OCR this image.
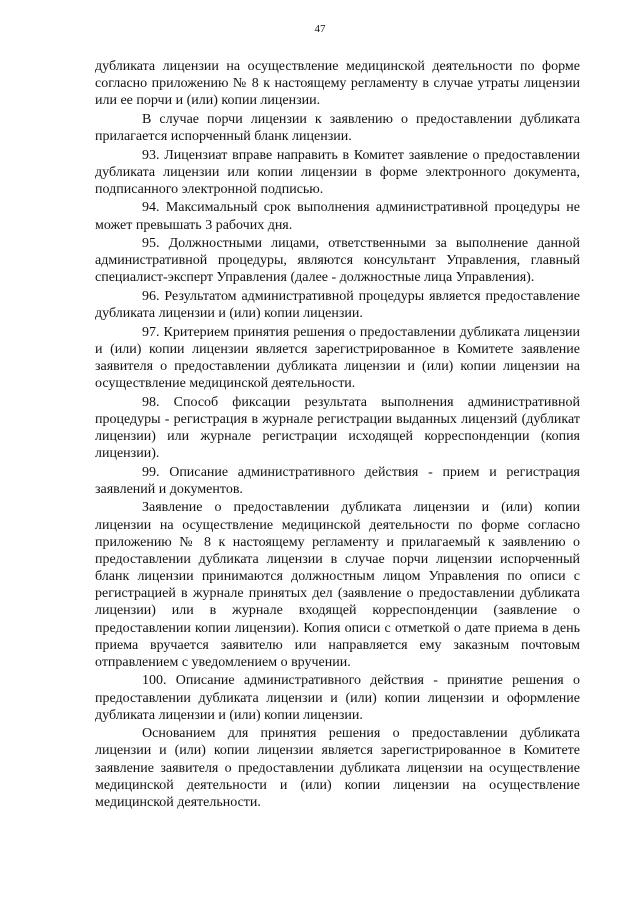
47

дубликата лицензии на осуществление медицинской деятельности по форме согласно приложению № 8 к настоящему регламенту в случае утраты лицензии или ее порчи и (или) копии лицензии.

В случае порчи лицензии к заявлению о предоставлении дубликата прилагается испорченный бланк лицензии.

93. Лицензиат вправе направить в Комитет заявление о предоставлении дубликата лицензии или копии лицензии в форме электронного документа, подписанного электронной подписью.

94. Максимальный срок выполнения административной процедуры не может превышать 3 рабочих дня.

95. Должностными лицами, ответственными за выполнение данной административной процедуры, являются консультант Управления, главный специалист-эксперт Управления (далее - должностные лица Управления).

96. Результатом административной процедуры является предоставление дубликата лицензии и (или) копии лицензии.

97. Критерием принятия решения о предоставлении дубликата лицензии и (или) копии лицензии является зарегистрированное в Комитете заявление заявителя о предоставлении дубликата лицензии и (или) копии лицензии на осуществление медицинской деятельности.

98. Способ фиксации результата выполнения административной процедуры - регистрация в журнале регистрации выданных лицензий (дубликат лицензии) или журнале регистрации исходящей корреспонденции (копия лицензии).

99. Описание административного действия - прием и регистрация заявлений и документов.

Заявление о предоставлении дубликата лицензии и (или) копии лицензии на осуществление медицинской деятельности по форме согласно приложению № 8 к настоящему регламенту и прилагаемый к заявлению о предоставлении дубликата лицензии в случае порчи лицензии испорченный бланк лицензии принимаются должностным лицом Управления по описи с регистрацией в журнале принятых дел (заявление о предоставлении дубликата лицензии) или в журнале входящей корреспонденции (заявление о предоставлении копии лицензии). Копия описи с отметкой о дате приема в день приема вручается заявителю или направляется ему заказным почтовым отправлением с уведомлением о вручении.

100. Описание административного действия - принятие решения о предоставлении дубликата лицензии и (или) копии лицензии и оформление дубликата лицензии и (или) копии лицензии.

Основанием для принятия решения о предоставлении дубликата лицензии и (или) копии лицензии является зарегистрированное в Комитете заявление заявителя о предоставлении дубликата лицензии на осуществление медицинской деятельности и (или) копии лицензии на осуществление медицинской деятельности.
